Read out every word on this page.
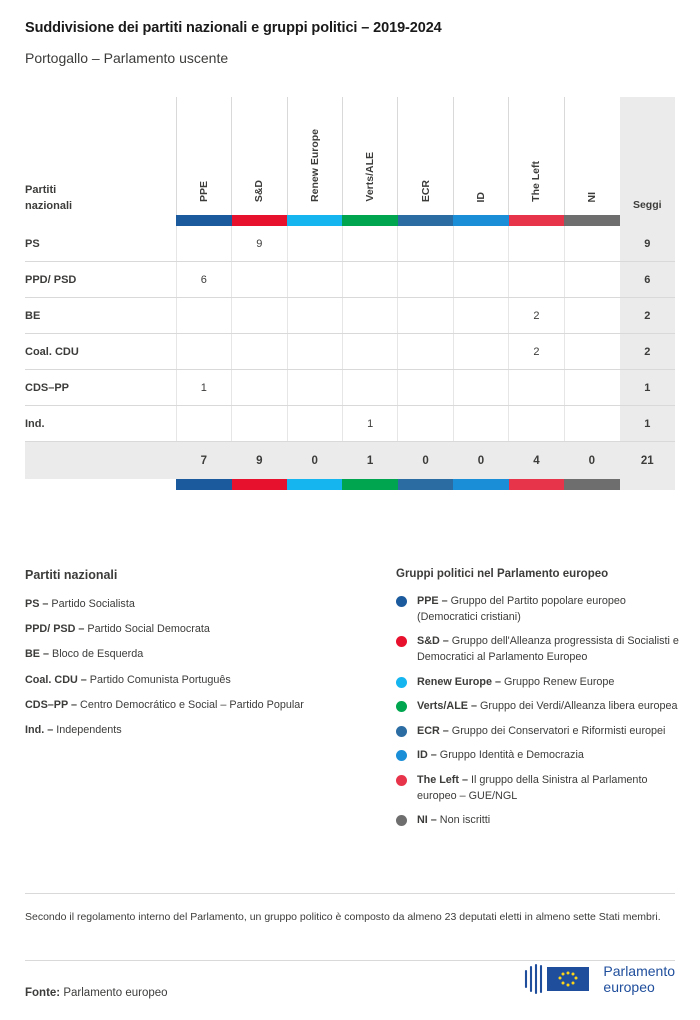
Suddivisione dei partiti nazionali e gruppi politici – 2019-2024
Portogallo – Parlamento uscente
Partiti
nazionali	PPE	S&D	Renew Europe	Verts/ALE	ECR	ID	The Left	NI	Seggi

PS		9							9
PPD/ PSD	6								6
BE							2		2
Coal. CDU							2		2
CDS–PP	1								1
Ind.				1					1
	7	9	0	1	0	0	4	0	21

Partiti nazionali
PS – Partido Socialista
PPD/ PSD – Partido Social Democrata
BE – Bloco de Esquerda
Coal. CDU – Partido Comunista Português
CDS–PP – Centro Democrático e Social – Partido Popular
Ind. – Independents
Gruppi politici nel Parlamento europeo
PPE – Gruppo del Partito popolare europeo (Democratici cristiani)
S&D – Gruppo dell'Alleanza progressista di Socialisti e Democratici al Parlamento Europeo
Renew Europe – Gruppo Renew Europe
Verts/ALE – Gruppo dei Verdi/Alleanza libera europea
ECR – Gruppo dei Conservatori e Riformisti europei
ID – Gruppo Identità e Democrazia
The Left – Il gruppo della Sinistra al Parlamento europeo – GUE/NGL
NI – Non iscritti
Secondo il regolamento interno del Parlamento, un gruppo politico è composto da almeno 23 deputati eletti in almeno sette Stati membri.
Fonte: Parlamento europeo
Parlamento
europeo
